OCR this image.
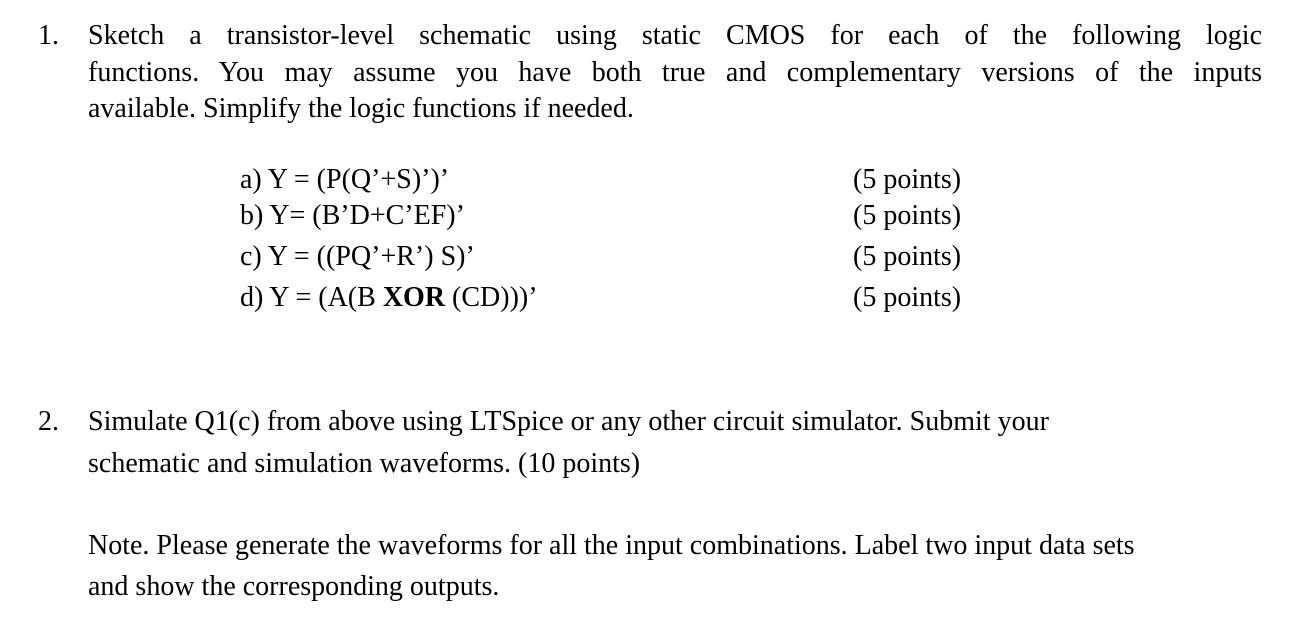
1. Sketch a transistor-level schematic using static CMOS for each of the following logic
functions. You may assume you have both true and complementary versions of the inputs
available. Simplify the logic functions if needed.
a) Y = (P(Q’+S)’)’	(5 points)
b) Y= (B’D+C’EF)’	(5 points)
c) Y = ((PQ’+R’) S)’	(5 points)
d) Y = (A(B XOR (CD)))’	(5 points)
2. Simulate Q1(c) from above using LTSpice or any other circuit simulator. Submit your
schematic and simulation waveforms. (10 points)
Note. Please generate the waveforms for all the input combinations. Label two input data sets
and show the corresponding outputs.
